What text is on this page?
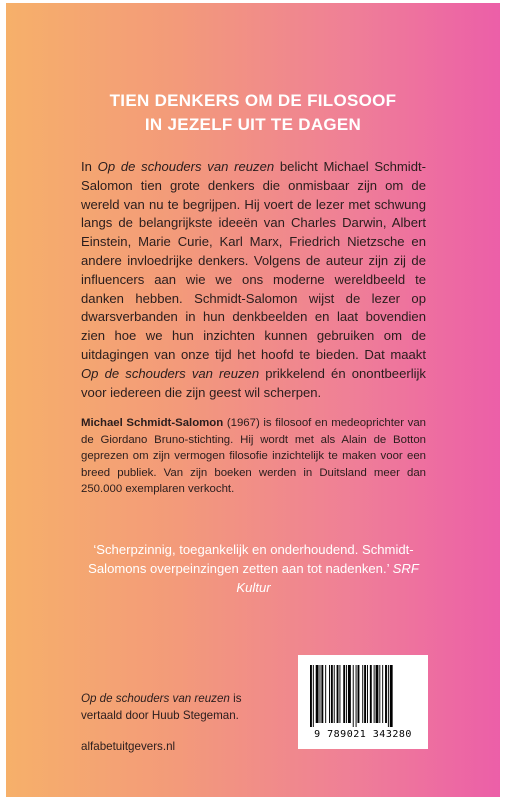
TIEN DENKERS OM DE FILOSOOF
IN JEZELF UIT TE DAGEN
In Op de schouders van reuzen belicht Michael Schmidt-Salomon tien grote denkers die onmisbaar zijn om de wereld van nu te begrijpen. Hij voert de lezer met schwung langs de belangrijkste ideeën van Charles Darwin, Albert Einstein, Marie Curie, Karl Marx, Friedrich Nietzsche en andere invloedrijke denkers. Volgens de auteur zijn zij de influencers aan wie we ons moderne wereldbeeld te danken hebben. Schmidt-Salomon wijst de lezer op dwarsverbanden in hun denkbeelden en laat bovendien zien hoe we hun inzichten kunnen gebruiken om de uitdagingen van onze tijd het hoofd te bieden. Dat maakt Op de schouders van reuzen prikkelend én onontbeerlijk voor iedereen die zijn geest wil scherpen.
Michael Schmidt-Salomon (1967) is filosoof en medeoprichter van de Giordano Bruno-stichting. Hij wordt met als Alain de Botton geprezen om zijn vermogen filosofie inzichtelijk te maken voor een breed publiek. Van zijn boeken werden in Duitsland meer dan 250.000 exemplaren verkocht.
‘Scherpzinnig, toegankelijk en onderhoudend. Schmidt-Salomons overpeinzingen zetten aan tot nadenken.’ SRF Kultur
Op de schouders van reuzen is vertaald door Huub Stegeman.
alfabetuitgevers.nl
9 789021 343280
